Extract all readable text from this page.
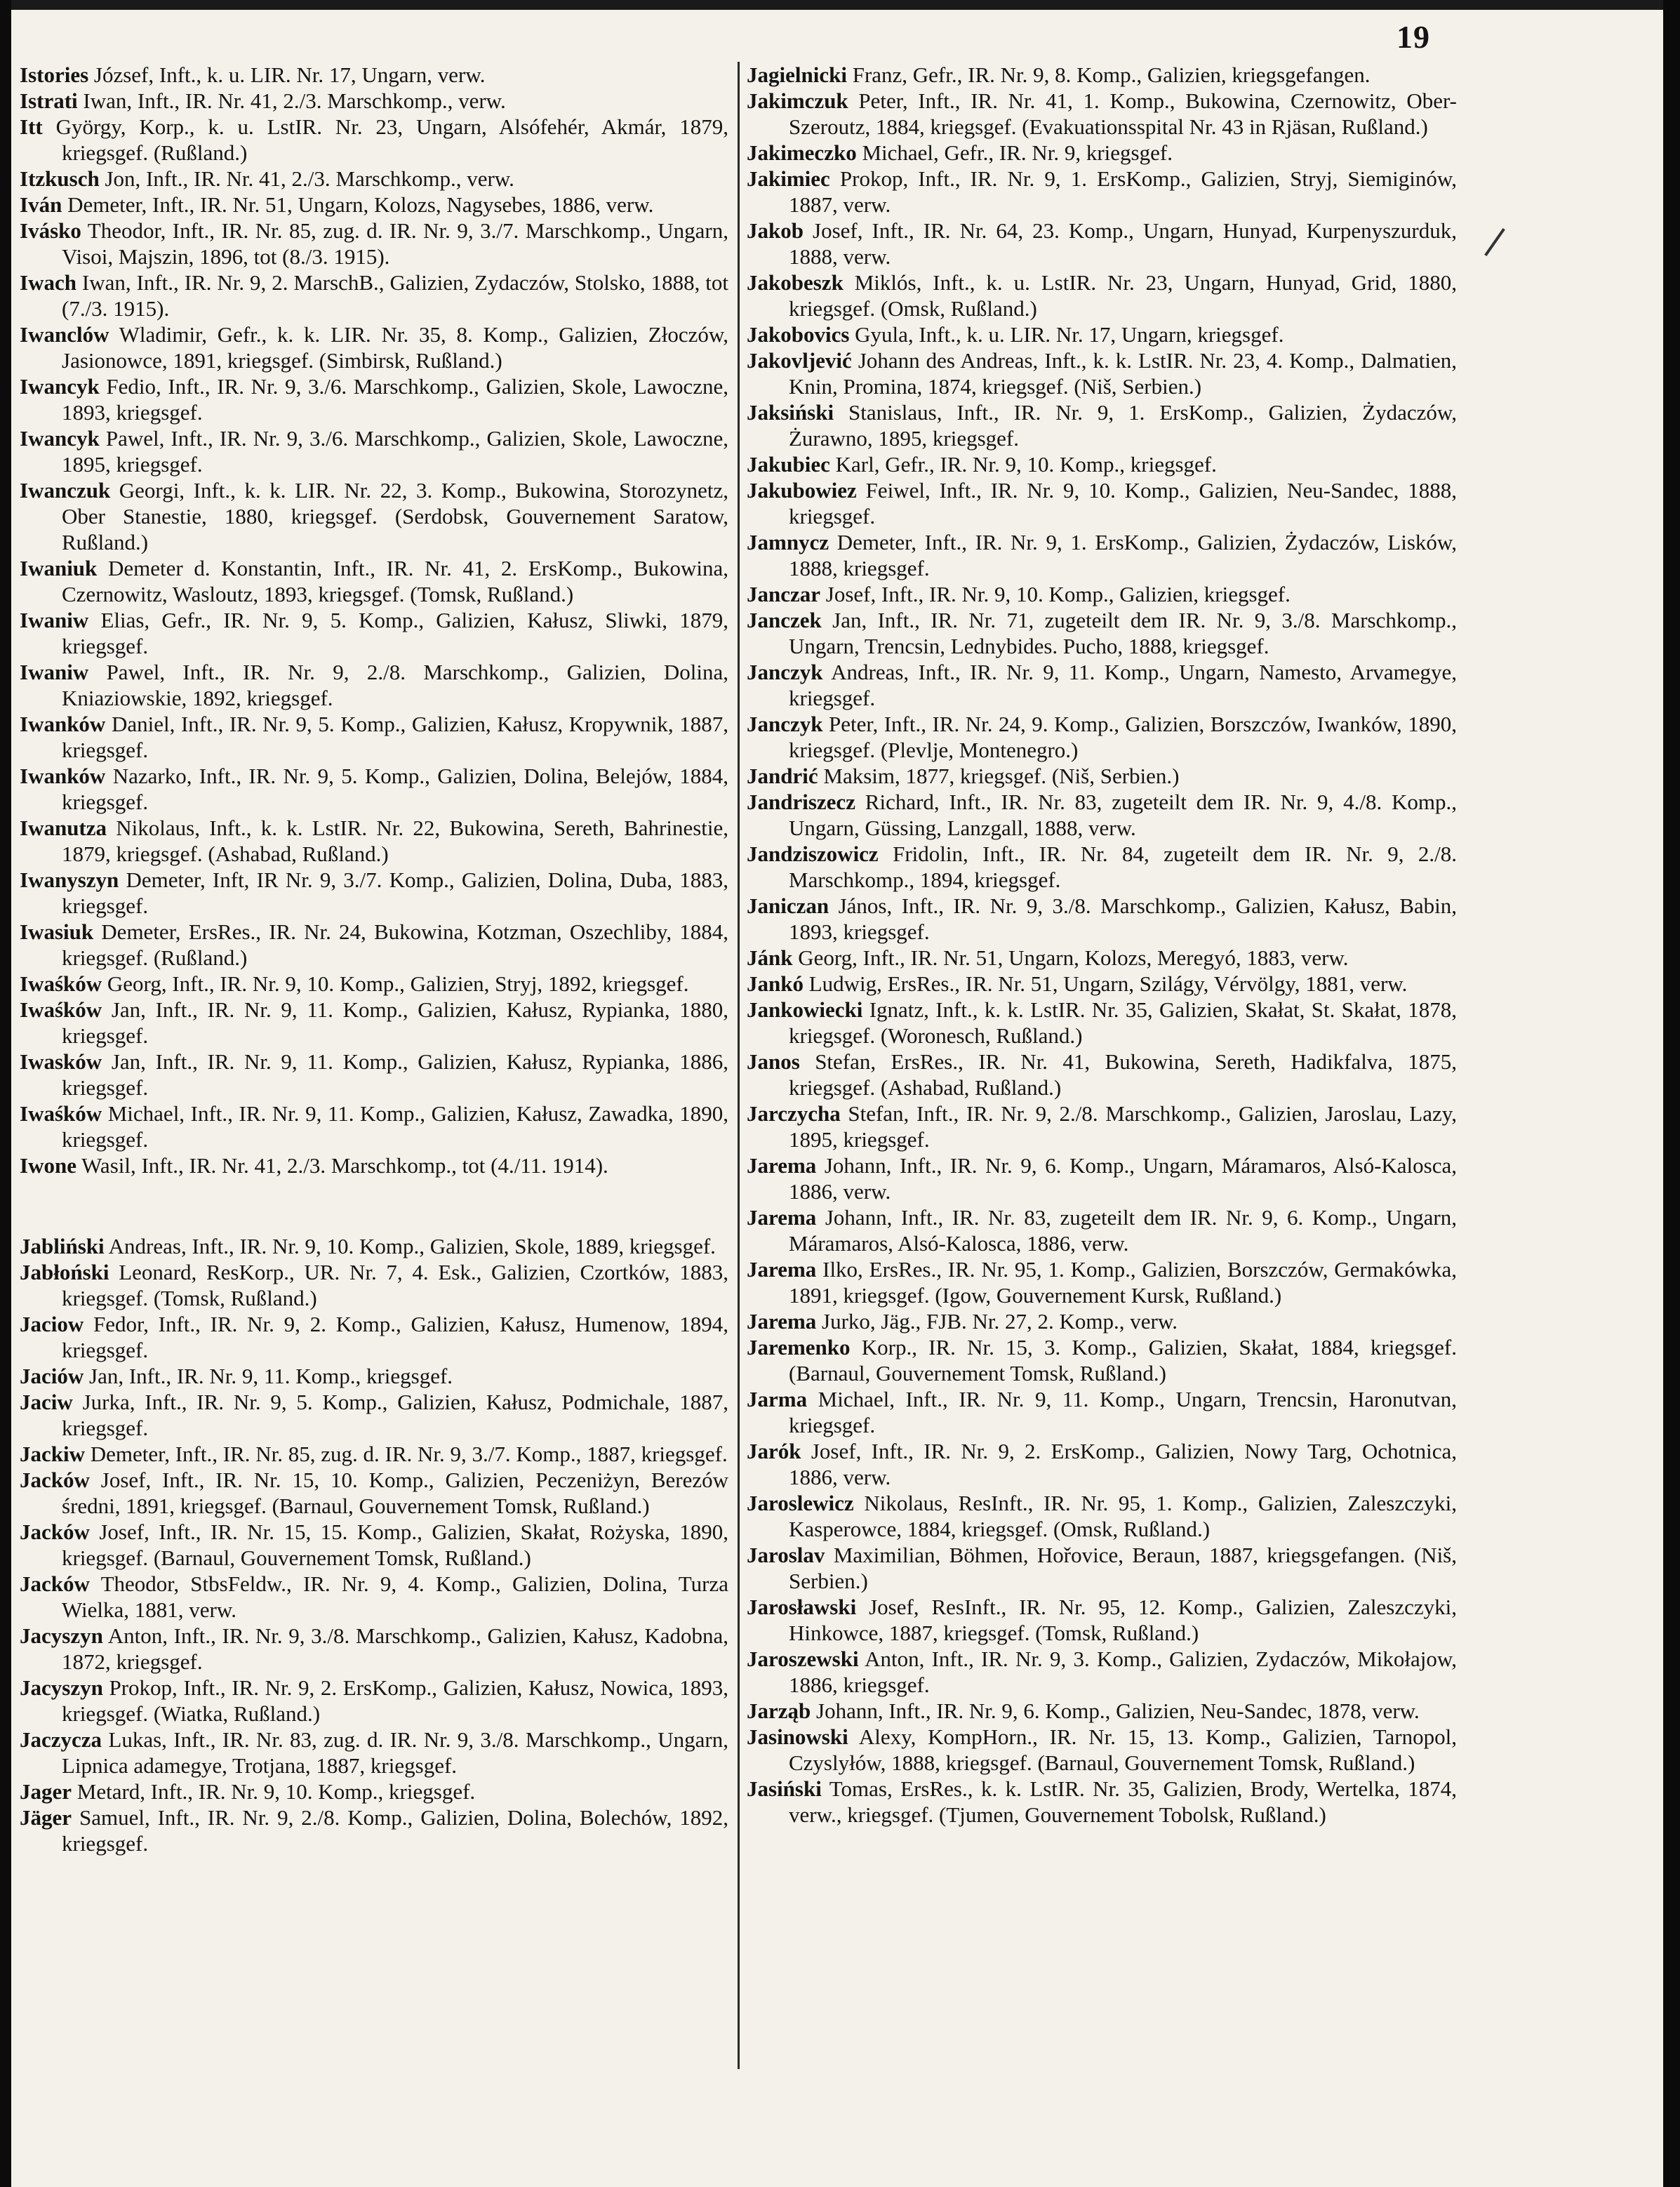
19

Istories József, Inft., k. u. LIR. Nr. 17, Ungarn, verw.

Istrati Iwan, Inft., IR. Nr. 41, 2./3. Marschkomp., verw.

Itt György, Korp., k. u. LstIR. Nr. 23, Ungarn, Alsófehér, Akmár, 1879, kriegsgef. (Rußland.)

Itzkusch Jon, Inft., IR. Nr. 41, 2./3. Marschkomp., verw.

Iván Demeter, Inft., IR. Nr. 51, Ungarn, Kolozs, Nagysebes, 1886, verw.

Ivásko Theodor, Inft., IR. Nr. 85, zug. d. IR. Nr. 9, 3./7. Marschkomp., Ungarn, Visoi, Majszin, 1896, tot (8./3. 1915).

Iwach Iwan, Inft., IR. Nr. 9, 2. MarschB., Galizien, Zydaczów, Stolsko, 1888, tot (7./3. 1915).

Iwanclów Wladimir, Gefr., k. k. LIR. Nr. 35, 8. Komp., Galizien, Złoczów, Jasionowce, 1891, kriegsgef. (Simbirsk, Rußland.)

Iwancyk Fedio, Inft., IR. Nr. 9, 3./6. Marschkomp., Galizien, Skole, Lawoczne, 1893, kriegsgef.

Iwancyk Pawel, Inft., IR. Nr. 9, 3./6. Marschkomp., Galizien, Skole, Lawoczne, 1895, kriegsgef.

Iwanczuk Georgi, Inft., k. k. LIR. Nr. 22, 3. Komp., Bukowina, Storozynetz, Ober Stanestie, 1880, kriegsgef. (Serdobsk, Gouvernement Saratow, Rußland.)

Iwaniuk Demeter d. Konstantin, Inft., IR. Nr. 41, 2. ErsKomp., Bukowina, Czernowitz, Wasloutz, 1893, kriegsgef. (Tomsk, Rußland.)

Iwaniw Elias, Gefr., IR. Nr. 9, 5. Komp., Galizien, Kałusz, Sliwki, 1879, kriegsgef.

Iwaniw Pawel, Inft., IR. Nr. 9, 2./8. Marschkomp., Galizien, Dolina, Kniaziowskie, 1892, kriegsgef.

Iwanków Daniel, Inft., IR. Nr. 9, 5. Komp., Galizien, Kałusz, Kropywnik, 1887, kriegsgef.

Iwanków Nazarko, Inft., IR. Nr. 9, 5. Komp., Galizien, Dolina, Belejów, 1884, kriegsgef.

Iwanutza Nikolaus, Inft., k. k. LstIR. Nr. 22, Bukowina, Sereth, Bahrinestie, 1879, kriegsgef. (Ashabad, Rußland.)

Iwanyszyn Demeter, Inft, IR Nr. 9, 3./7. Komp., Galizien, Dolina, Duba, 1883, kriegsgef.

Iwasiuk Demeter, ErsRes., IR. Nr. 24, Bukowina, Kotzman, Oszechliby, 1884, kriegsgef. (Rußland.)

Iwaśków Georg, Inft., IR. Nr. 9, 10. Komp., Galizien, Stryj, 1892, kriegsgef.

Iwaśków Jan, Inft., IR. Nr. 9, 11. Komp., Galizien, Kałusz, Rypianka, 1880, kriegsgef.

Iwasków Jan, Inft., IR. Nr. 9, 11. Komp., Galizien, Kałusz, Rypianka, 1886, kriegsgef.

Iwaśków Michael, Inft., IR. Nr. 9, 11. Komp., Galizien, Kałusz, Zawadka, 1890, kriegsgef.

Iwone Wasil, Inft., IR. Nr. 41, 2./3. Marschkomp., tot (4./11. 1914).

Jabliński Andreas, Inft., IR. Nr. 9, 10. Komp., Galizien, Skole, 1889, kriegsgef.

Jabłoński Leonard, ResKorp., UR. Nr. 7, 4. Esk., Galizien, Czortków, 1883, kriegsgef. (Tomsk, Rußland.)

Jaciow Fedor, Inft., IR. Nr. 9, 2. Komp., Galizien, Kałusz, Humenow, 1894, kriegsgef.

Jaciów Jan, Inft., IR. Nr. 9, 11. Komp., kriegsgef.

Jaciw Jurka, Inft., IR. Nr. 9, 5. Komp., Galizien, Kałusz, Podmichale, 1887, kriegsgef.

Jackiw Demeter, Inft., IR. Nr. 85, zug. d. IR. Nr. 9, 3./7. Komp., 1887, kriegsgef.

Jacków Josef, Inft., IR. Nr. 15, 10. Komp., Galizien, Peczeniżyn, Berezów średni, 1891, kriegsgef. (Barnaul, Gouvernement Tomsk, Rußland.)

Jacków Josef, Inft., IR. Nr. 15, 15. Komp., Galizien, Skałat, Rożyska, 1890, kriegsgef. (Barnaul, Gouvernement Tomsk, Rußland.)

Jacków Theodor, StbsFeldw., IR. Nr. 9, 4. Komp., Galizien, Dolina, Turza Wielka, 1881, verw.

Jacyszyn Anton, Inft., IR. Nr. 9, 3./8. Marschkomp., Galizien, Kałusz, Kadobna, 1872, kriegsgef.

Jacyszyn Prokop, Inft., IR. Nr. 9, 2. ErsKomp., Galizien, Kałusz, Nowica, 1893, kriegsgef. (Wiatka, Rußland.)

Jaczycza Lukas, Inft., IR. Nr. 83, zug. d. IR. Nr. 9, 3./8. Marschkomp., Ungarn, Lipnica adamegye, Trotjana, 1887, kriegsgef.

Jager Metard, Inft., IR. Nr. 9, 10. Komp., kriegsgef.

Jäger Samuel, Inft., IR. Nr. 9, 2./8. Komp., Galizien, Dolina, Bolechów, 1892, kriegsgef.

Jagielnicki Franz, Gefr., IR. Nr. 9, 8. Komp., Galizien, kriegsgefangen.

Jakimczuk Peter, Inft., IR. Nr. 41, 1. Komp., Bukowina, Czernowitz, Ober-Szeroutz, 1884, kriegsgef. (Evakuationsspital Nr. 43 in Rjäsan, Rußland.)

Jakimeczko Michael, Gefr., IR. Nr. 9, kriegsgef.

Jakimiec Prokop, Inft., IR. Nr. 9, 1. ErsKomp., Galizien, Stryj, Siemiginów, 1887, verw.

Jakob Josef, Inft., IR. Nr. 64, 23. Komp., Ungarn, Hunyad, Kurpenyszurduk, 1888, verw.

Jakobeszk Miklós, Inft., k. u. LstIR. Nr. 23, Ungarn, Hunyad, Grid, 1880, kriegsgef. (Omsk, Rußland.)

Jakobovics Gyula, Inft., k. u. LIR. Nr. 17, Ungarn, kriegsgef.

Jakovljević Johann des Andreas, Inft., k. k. LstIR. Nr. 23, 4. Komp., Dalmatien, Knin, Promina, 1874, kriegsgef. (Niš, Serbien.)

Jaksiński Stanislaus, Inft., IR. Nr. 9, 1. ErsKomp., Galizien, Żydaczów, Żurawno, 1895, kriegsgef.

Jakubiec Karl, Gefr., IR. Nr. 9, 10. Komp., kriegsgef.

Jakubowiez Feiwel, Inft., IR. Nr. 9, 10. Komp., Galizien, Neu-Sandec, 1888, kriegsgef.

Jamnycz Demeter, Inft., IR. Nr. 9, 1. ErsKomp., Galizien, Żydaczów, Lisków, 1888, kriegsgef.

Janczar Josef, Inft., IR. Nr. 9, 10. Komp., Galizien, kriegsgef.

Janczek Jan, Inft., IR. Nr. 71, zugeteilt dem IR. Nr. 9, 3./8. Marschkomp., Ungarn, Trencsin, Lednybides. Pucho, 1888, kriegsgef.

Janczyk Andreas, Inft., IR. Nr. 9, 11. Komp., Ungarn, Namesto, Arvamegye, kriegsgef.

Janczyk Peter, Inft., IR. Nr. 24, 9. Komp., Galizien, Borszczów, Iwanków, 1890, kriegsgef. (Plevlje, Montenegro.)

Jandrić Maksim, 1877, kriegsgef. (Niš, Serbien.)

Jandriszecz Richard, Inft., IR. Nr. 83, zugeteilt dem IR. Nr. 9, 4./8. Komp., Ungarn, Güssing, Lanzgall, 1888, verw.

Jandziszowicz Fridolin, Inft., IR. Nr. 84, zugeteilt dem IR. Nr. 9, 2./8. Marschkomp., 1894, kriegsgef.

Janiczan János, Inft., IR. Nr. 9, 3./8. Marschkomp., Galizien, Kałusz, Babin, 1893, kriegsgef.

Jánk Georg, Inft., IR. Nr. 51, Ungarn, Kolozs, Meregyó, 1883, verw.

Jankó Ludwig, ErsRes., IR. Nr. 51, Ungarn, Szilágy, Vérvölgy, 1881, verw.

Jankowiecki Ignatz, Inft., k. k. LstIR. Nr. 35, Galizien, Skałat, St. Skałat, 1878, kriegsgef. (Woronesch, Rußland.)

Janos Stefan, ErsRes., IR. Nr. 41, Bukowina, Sereth, Hadikfalva, 1875, kriegsgef. (Ashabad, Rußland.)

Jarczycha Stefan, Inft., IR. Nr. 9, 2./8. Marschkomp., Galizien, Jaroslau, Lazy, 1895, kriegsgef.

Jarema Johann, Inft., IR. Nr. 9, 6. Komp., Ungarn, Máramaros, Alsó-Kalosca, 1886, verw.

Jarema Johann, Inft., IR. Nr. 83, zugeteilt dem IR. Nr. 9, 6. Komp., Ungarn, Máramaros, Alsó-Kalosca, 1886, verw.

Jarema Ilko, ErsRes., IR. Nr. 95, 1. Komp., Galizien, Borszczów, Germakówka, 1891, kriegsgef. (Igow, Gouvernement Kursk, Rußland.)

Jarema Jurko, Jäg., FJB. Nr. 27, 2. Komp., verw.

Jaremenko Korp., IR. Nr. 15, 3. Komp., Galizien, Skałat, 1884, kriegsgef. (Barnaul, Gouvernement Tomsk, Rußland.)

Jarma Michael, Inft., IR. Nr. 9, 11. Komp., Ungarn, Trencsin, Haronutvan, kriegsgef.

Jarók Josef, Inft., IR. Nr. 9, 2. ErsKomp., Galizien, Nowy Targ, Ochotnica, 1886, verw.

Jaroslewicz Nikolaus, ResInft., IR. Nr. 95, 1. Komp., Galizien, Zaleszczyki, Kasperowce, 1884, kriegsgef. (Omsk, Rußland.)

Jaroslav Maximilian, Böhmen, Hořovice, Beraun, 1887, kriegsgefangen. (Niš, Serbien.)

Jarosławski Josef, ResInft., IR. Nr. 95, 12. Komp., Galizien, Zaleszczyki, Hinkowce, 1887, kriegsgef. (Tomsk, Rußland.)

Jaroszewski Anton, Inft., IR. Nr. 9, 3. Komp., Galizien, Zydaczów, Mikołajow, 1886, kriegsgef.

Jarząb Johann, Inft., IR. Nr. 9, 6. Komp., Galizien, Neu-Sandec, 1878, verw.

Jasinowski Alexy, KompHorn., IR. Nr. 15, 13. Komp., Galizien, Tarnopol, Czyslyłów, 1888, kriegsgef. (Barnaul, Gouvernement Tomsk, Rußland.)

Jasiński Tomas, ErsRes., k. k. LstIR. Nr. 35, Galizien, Brody, Wertelka, 1874, verw., kriegsgef. (Tjumen, Gouvernement Tobolsk, Rußland.)
